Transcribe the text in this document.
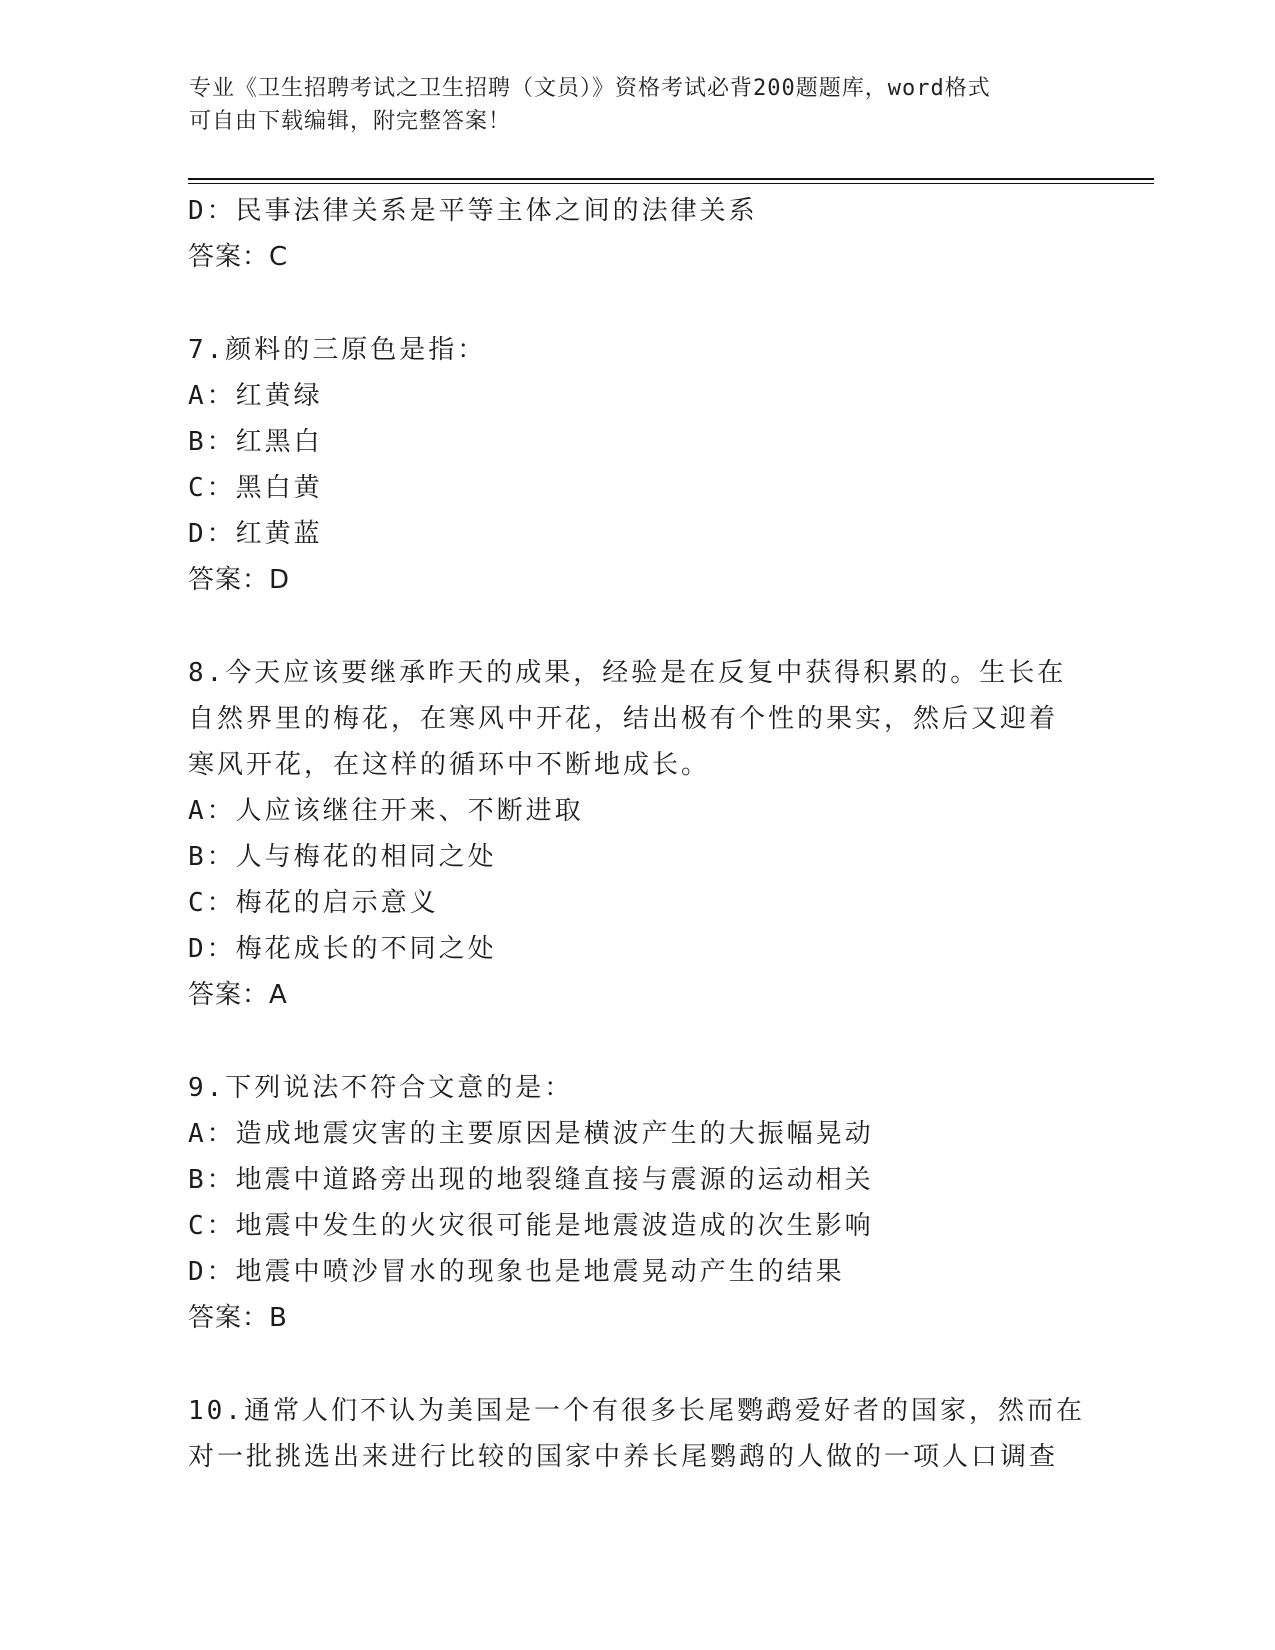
专业《卫生招聘考试之卫生招聘（文员）》资格考试必背200题题库，word格式
可自由下载编辑，附完整答案！
D：民事法律关系是平等主体之间的法律关系
答案：C
7.颜料的三原色是指：
A：红黄绿
B：红黑白
C：黑白黄
D：红黄蓝
答案：D
8.今天应该要继承昨天的成果，经验是在反复中获得积累的。生长在
自然界里的梅花，在寒风中开花，结出极有个性的果实，然后又迎着
寒风开花，在这样的循环中不断地成长。
A：人应该继往开来、不断进取
B：人与梅花的相同之处
C：梅花的启示意义
D：梅花成长的不同之处
答案：A
9.下列说法不符合文意的是：
A：造成地震灾害的主要原因是横波产生的大振幅晃动
B：地震中道路旁出现的地裂缝直接与震源的运动相关
C：地震中发生的火灾很可能是地震波造成的次生影响
D：地震中喷沙冒水的现象也是地震晃动产生的结果
答案：B
10.通常人们不认为美国是一个有很多长尾鹦鹉爱好者的国家，然而在
对一批挑选出来进行比较的国家中养长尾鹦鹉的人做的一项人口调查
